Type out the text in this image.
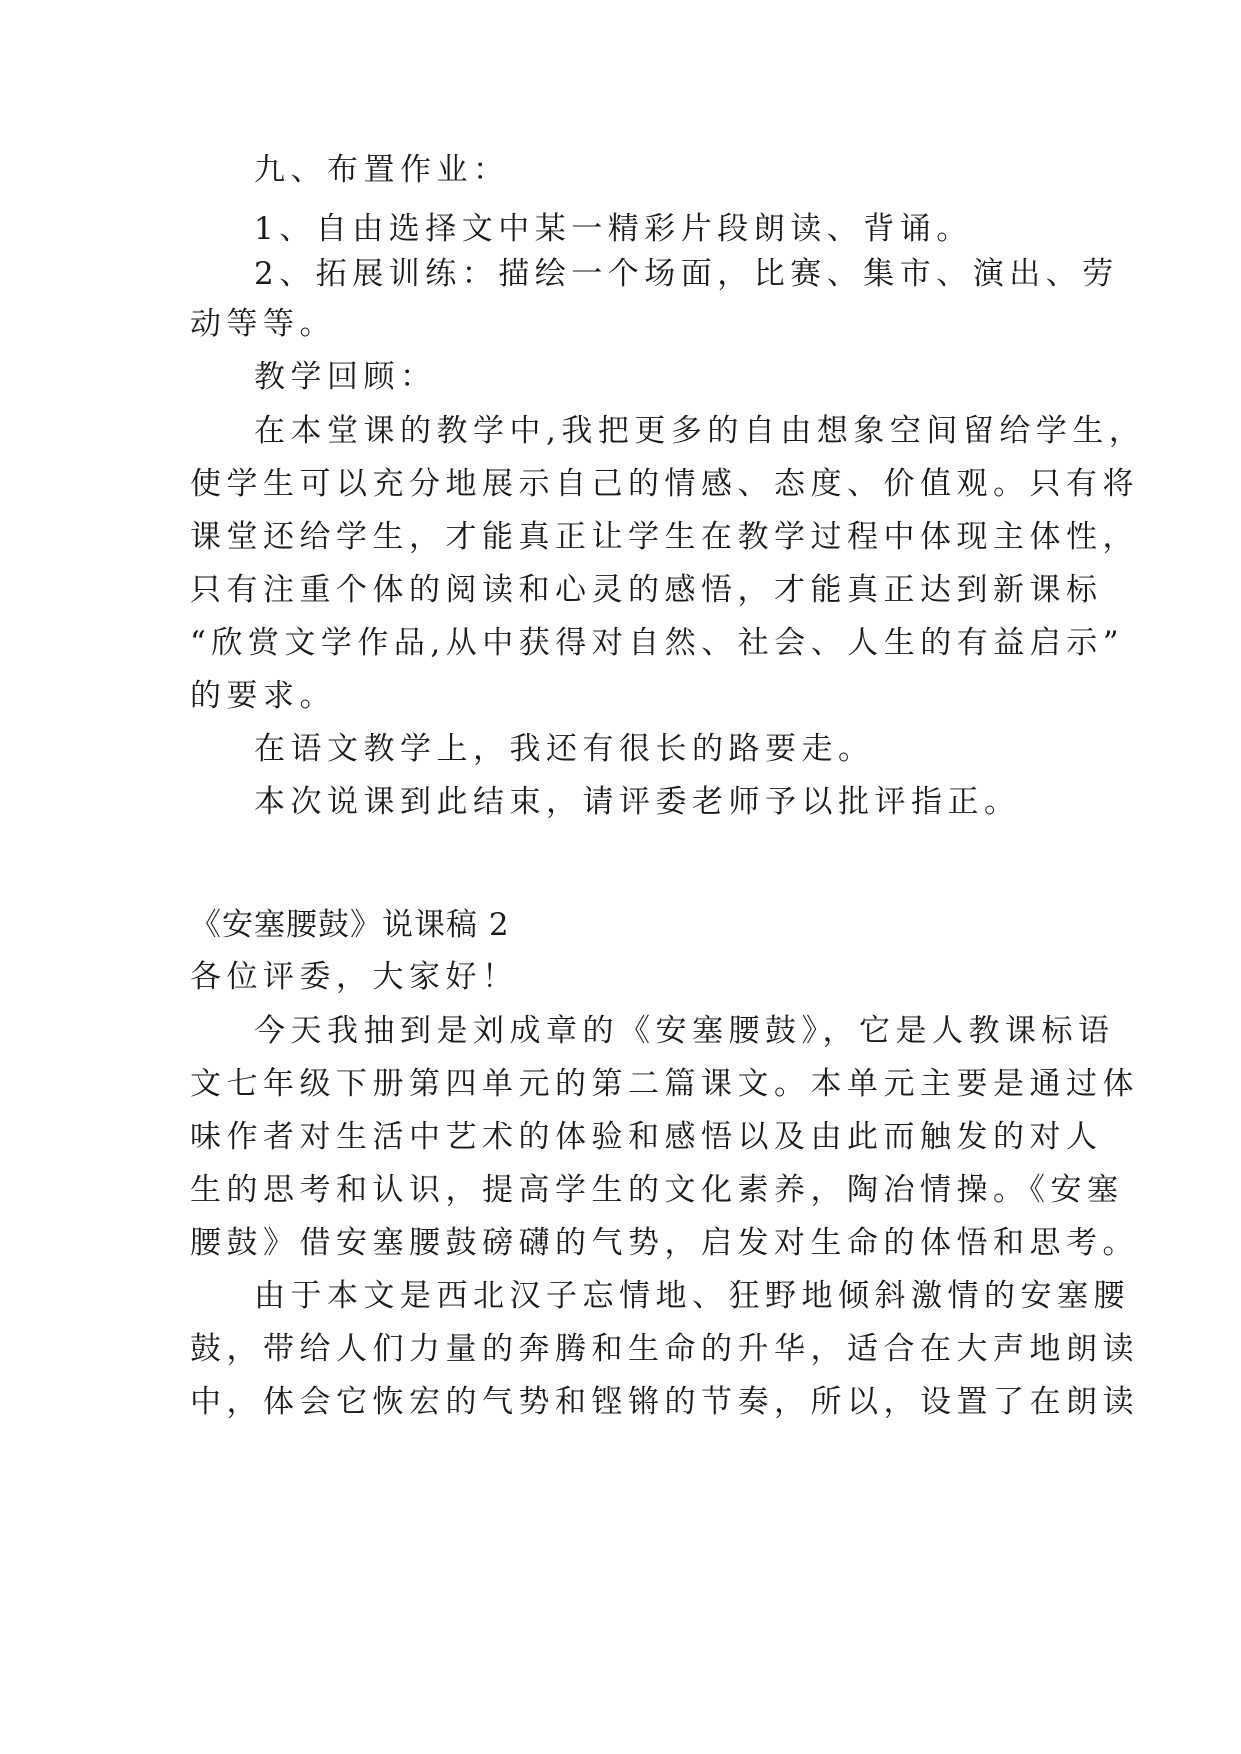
九、布置作业：
1、自由选择文中某一精彩片段朗读、背诵。
2、拓展训练：描绘一个场面，比赛、集市、演出、劳
动等等。
教学回顾：
在本堂课的教学中,我把更多的自由想象空间留给学生，
使学生可以充分地展示自己的情感、态度、价值观。只有将
课堂还给学生，才能真正让学生在教学过程中体现主体性，
只有注重个体的阅读和心灵的感悟，才能真正达到新课标
“欣赏文学作品,从中获得对自然、社会、人生的有益启示”
的要求。
在语文教学上，我还有很长的路要走。
本次说课到此结束，请评委老师予以批评指正。
《安塞腰鼓》说课稿 2
各位评委，大家好！
今天我抽到是刘成章的《安塞腰鼓》，它是人教课标语
文七年级下册第四单元的第二篇课文。本单元主要是通过体
味作者对生活中艺术的体验和感悟以及由此而触发的对人
生的思考和认识，提高学生的文化素养，陶冶情操。《安塞
腰鼓》借安塞腰鼓磅礴的气势，启发对生命的体悟和思考。
由于本文是西北汉子忘情地、狂野地倾斜激情的安塞腰
鼓，带给人们力量的奔腾和生命的升华，适合在大声地朗读
中，体会它恢宏的气势和铿锵的节奏，所以，设置了在朗读
